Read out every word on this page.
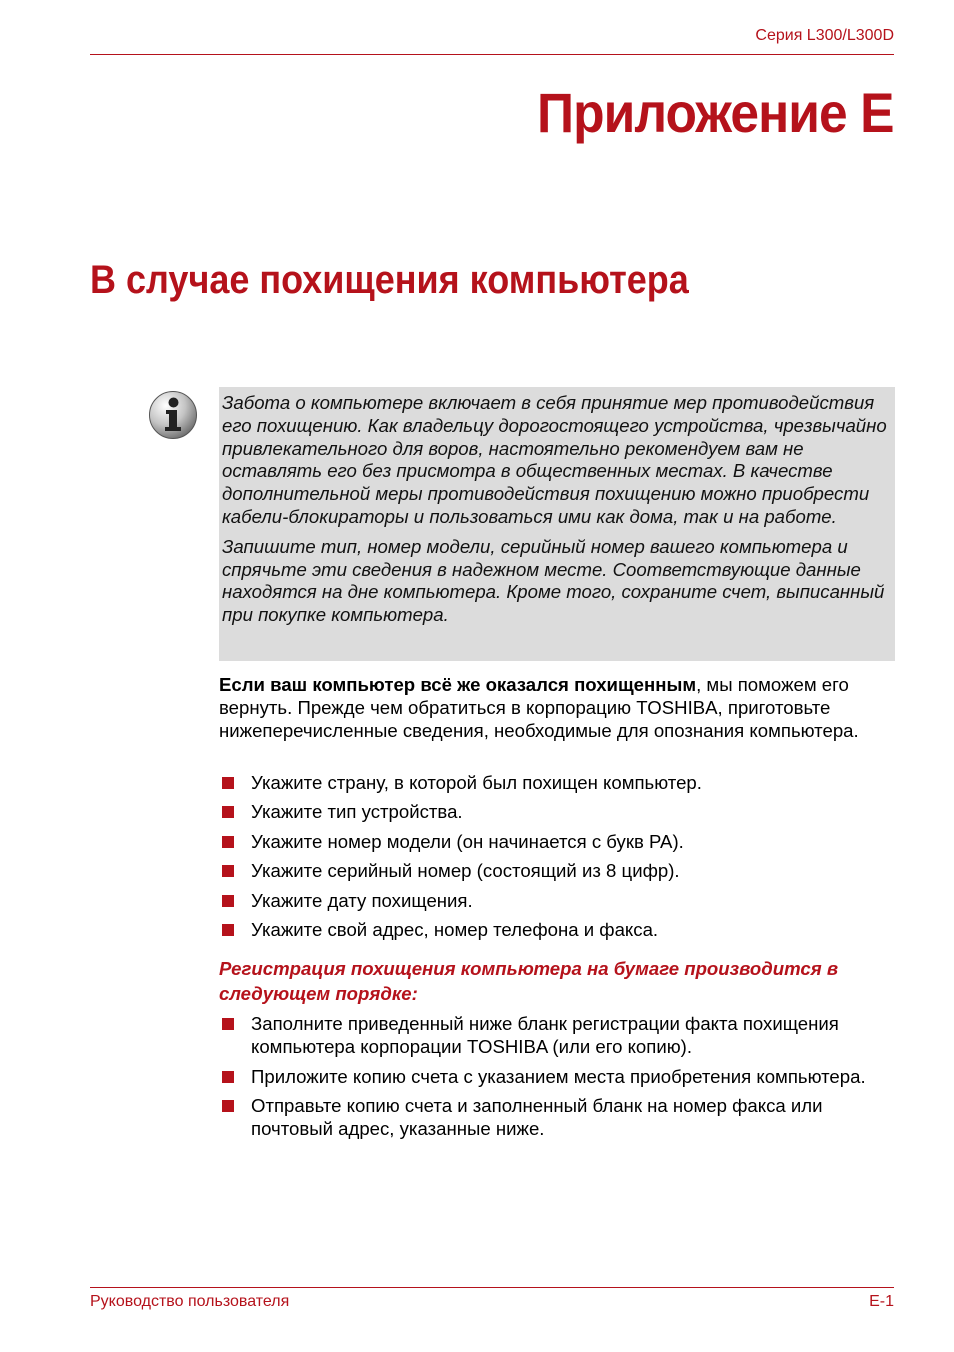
Серия L300/L300D
Приложение E
В случае похищения компьютера

Забота о компьютере включает в себя принятие мер противодействия его похищению. Как владельцу дорогостоящего устройства, чрезвычайно привлекательного для воров, настоятельно рекомендуем вам не оставлять его без присмотра в общественных местах. В качестве дополнительной меры противодействия похищению можно приобрести кабели-блокираторы и пользоваться ими как дома, так и на работе.

Запишите тип, номер модели, серийный номер вашего компьютера и спрячьте эти сведения в надежном месте. Соответствующие данные находятся на дне компьютера. Кроме того, сохраните счет, выписанный при покупке компьютера.

Если ваш компьютер всё же оказался похищенным, мы поможем его вернуть. Прежде чем обратиться в корпорацию TOSHIBA, приготовьте нижеперечисленные сведения, необходимые для опознания компьютера.

Укажите страну, в которой был похищен компьютер.
Укажите тип устройства.
Укажите номер модели (он начинается с букв PA).
Укажите серийный номер (состоящий из 8 цифр).
Укажите дату похищения.
Укажите свой адрес, номер телефона и факса.

Регистрация похищения компьютера на бумаге производится в следующем порядке:

Заполните приведенный ниже бланк регистрации факта похищения компьютера корпорации TOSHIBA (или его копию).
Приложите копию счета с указанием места приобретения компьютера.
Отправьте копию счета и заполненный бланк на номер факса или почтовый адрес, указанные ниже.
Руководство пользователя	E-1
